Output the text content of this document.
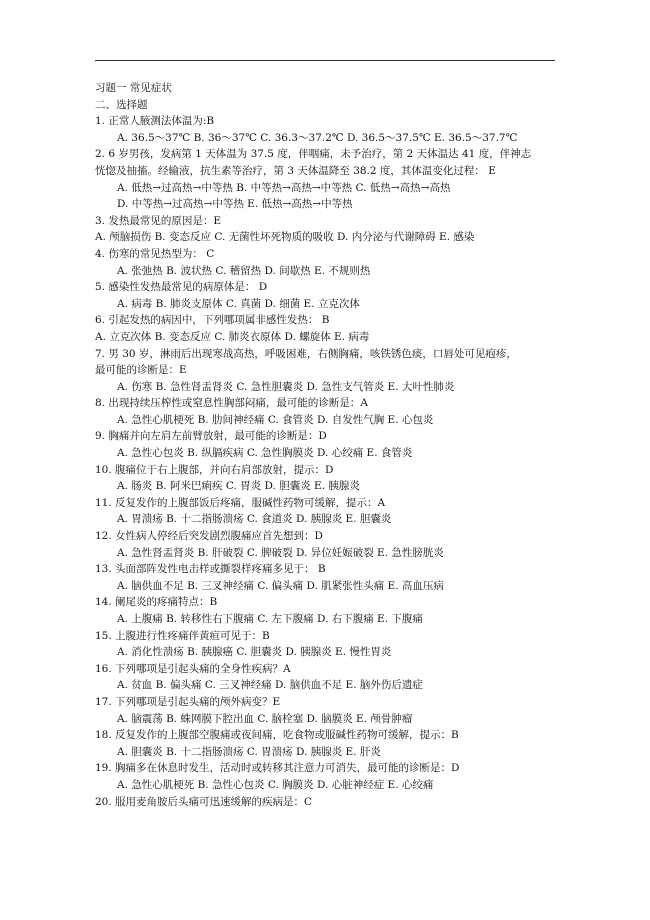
习题一 常见症状
二、选择题
1. 正常人腋测法体温为:B
A. 36.5～37℃ B. 36～37℃ C. 36.3～37.2℃ D. 36.5～37.5℃ E. 36.5～37.7℃
2. 6 岁男孩，发病第 1 天体温为 37.5 度，伴咽痛，未予治疗，第 2 天体温达 41 度，伴神志
恍惚及抽搐。经输液，抗生素等治疗，第 3 天体温降至 38.2 度，其体温变化过程： E
A. 低热→过高热→中等热 B. 中等热→高热→中等热 C. 低热→高热→高热
D. 中等热→过高热→中等热 E. 低热→高热→中等热
3. 发热最常见的原因是：E
A. 颅脑损伤 B. 变态反应 C. 无菌性坏死物质的吸收 D. 内分泌与代谢障碍 E. 感染
4. 伤寒的常见热型为： C
A. 张弛热 B. 波状热 C. 稽留热 D. 间歇热 E. 不规则热
5. 感染性发热最常见的病原体是： D
A. 病毒 B. 肺炎支原体 C. 真菌 D. 细菌 E. 立克次体
6. 引起发热的病因中，下列哪项属非感性发热： B
A. 立克次体 B. 变态反应 C. 肺炎衣原体 D. 螺旋体 E. 病毒
7. 男 30 岁，淋雨后出现寒战高热，呼吸困难，右侧胸痛，咳铁锈色痰，口唇处可见疱疹，
最可能的诊断是：E
A. 伤寒 B. 急性肾盂肾炎 C. 急性胆囊炎 D. 急性支气管炎 E. 大叶性肺炎
8. 出现持续压榨性或窒息性胸部闷痛，最可能的诊断是：A
A. 急性心肌梗死 B. 肋间神经痛 C. 食管炎 D. 自发性气胸 E. 心包炎
9. 胸痛并向左肩左前臂放射，最可能的诊断是：D
A. 急性心包炎 B. 纵膈疾病 C. 急性胸膜炎 D. 心绞痛 E. 食管炎
10. 腹痛位于右上腹部，并向右肩部放射，提示：D
A. 肠炎 B. 阿米巴痢疾 C. 胃炎 D. 胆囊炎 E. 胰腺炎
11. 反复发作的上腹部饭后疼痛，服碱性药物可缓解，提示：A
A. 胃溃疡 B. 十二指肠溃疡 C. 食道炎 D. 胰腺炎 E. 胆囊炎
12. 女性病人停经后突发剧烈腹痛应首先想到：D
A. 急性肾盂肾炎 B. 肝破裂 C. 脾破裂 D. 异位妊娠破裂 E. 急性膀胱炎
13. 头面部阵发性电击样或撕裂样疼痛多见于： B
A. 脑供血不足 B. 三叉神经痛 C. 偏头痛 D. 肌紧张性头痛 E. 高血压病
14. 阑尾炎的疼痛特点：B
A. 上腹痛 B. 转移性右下腹痛 C. 左下腹痛 D. 右下腹痛 E. 下腹痛
15. 上腹进行性疼痛伴黄疸可见于：B
A. 消化性溃疡 B. 胰腺癌 C. 胆囊炎 D. 胰腺炎 E. 慢性胃炎
16. 下列哪项是引起头痛的全身性疾病？A
A. 贫血 B. 偏头痛 C. 三叉神经痛 D. 脑供血不足 E. 脑外伤后遗症
17. 下列哪项是引起头痛的颅外病变？E
A. 脑震荡 B. 蛛网膜下腔出血 C. 脑栓塞 D. 脑膜炎 E. 颅骨肿瘤
18. 反复发作的上腹部空腹痛或夜间痛，吃食物或服碱性药物可缓解，提示：B
A. 胆囊炎 B. 十二指肠溃疡 C. 胃溃疡 D. 胰腺炎 E. 肝炎
19. 胸痛多在休息时发生，活动时或转移其注意力可消失，最可能的诊断是：D
A. 急性心肌梗死 B. 急性心包炎 C. 胸膜炎 D. 心脏神经症 E. 心绞痛
20. 服用麦角胺后头痛可迅速缓解的疾病是：C
